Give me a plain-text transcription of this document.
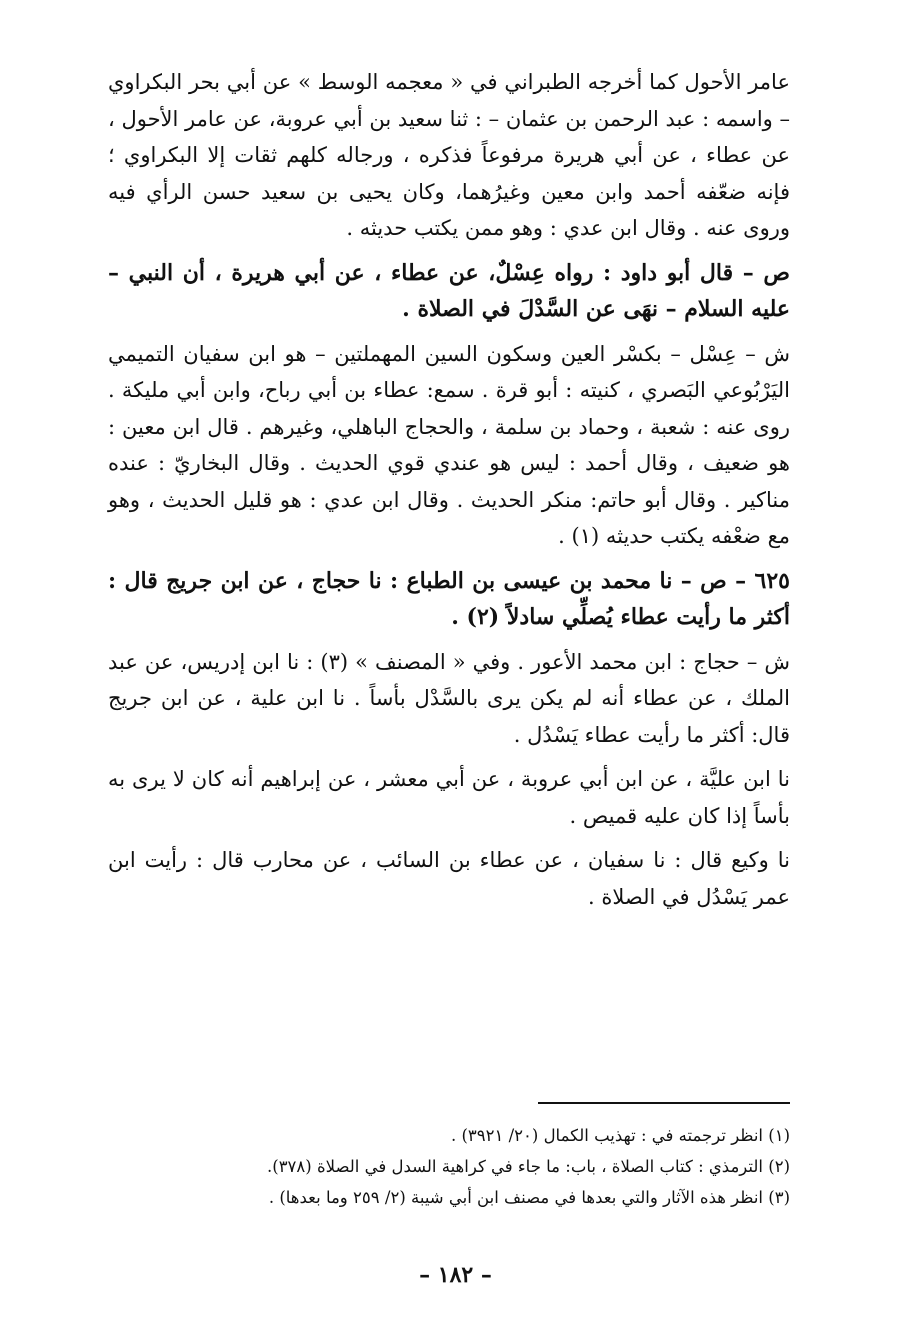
عامر الأحول كما أخرجه الطبراني في « معجمه الوسط » عن أبي بحر البكراوي – واسمه : عبد الرحمن بن عثمان – : ثنا سعيد بن أبي عروبة، عن عامر الأحول ، عن عطاء ، عن أبي هريرة مرفوعاً فذكره ، ورجاله كلهم ثقات إلا البكراوي ؛ فإنه ضعّفه أحمد وابن معين وغيرُهما، وكان يحيى بن سعيد حسن الرأي فيه وروى عنه . وقال ابن عدي : وهو ممن يكتب حديثه .

ص – قال أبو داود : رواه عِسْلٌ، عن عطاء ، عن أبي هريرة ، أن النبي –عليه السلام – نهَى عن السَّدْلَ في الصلاة .

ش – عِسْل – بكسْر العين وسكون السين المهملتين – هو ابن سفيان التميمي اليَرْبُوعي البَصري ، كنيته : أبو قرة . سمع: عطاء بن أبي رباح، وابن أبي مليكة . روى عنه : شعبة ، وحماد بن سلمة ، والحجاج الباهلي، وغيرهم . قال ابن معين : هو ضعيف ، وقال أحمد : ليس هو عندي قوي الحديث . وقال البخاريّ : عنده مناكير . وقال أبو حاتم: منكر الحديث . وقال ابن عدي : هو قليل الحديث ، وهو مع ضعْفه يكتب حديثه (١) .

٦٢٥ – ص – نا محمد بن عيسى بن الطباع : نا حجاج ، عن ابن جريج قال : أكثر ما رأيت عطاء يُصلِّي سادلاً (٢) .

ش – حجاج : ابن محمد الأعور . وفي « المصنف » (٣) : نا ابن إدريس، عن عبد الملك ، عن عطاء أنه لم يكن يرى بالسَّدْل بأساً . نا ابن علية ، عن ابن جريج قال: أكثر ما رأيت عطاء يَسْدُل .

نا ابن عليَّة ، عن ابن أبي عروبة ، عن أبي معشر ، عن إبراهيم أنه كان لا يرى به بأساً إذا كان عليه قميص .

نا وكيع قال : نا سفيان ، عن عطاء بن السائب ، عن محارب قال : رأيت ابن عمر يَسْدُل في الصلاة .

(١) انظر ترجمته في : تهذيب الكمال (٢٠/ ٣٩٢١) .
(٢) الترمذي : كتاب الصلاة ، باب: ما جاء في كراهية السدل في الصلاة (٣٧٨).
(٣) انظر هذه الآثار والتي بعدها في مصنف ابن أبي شيبة (٢/ ٢٥٩ وما بعدها) .
– ١٨٢ –
